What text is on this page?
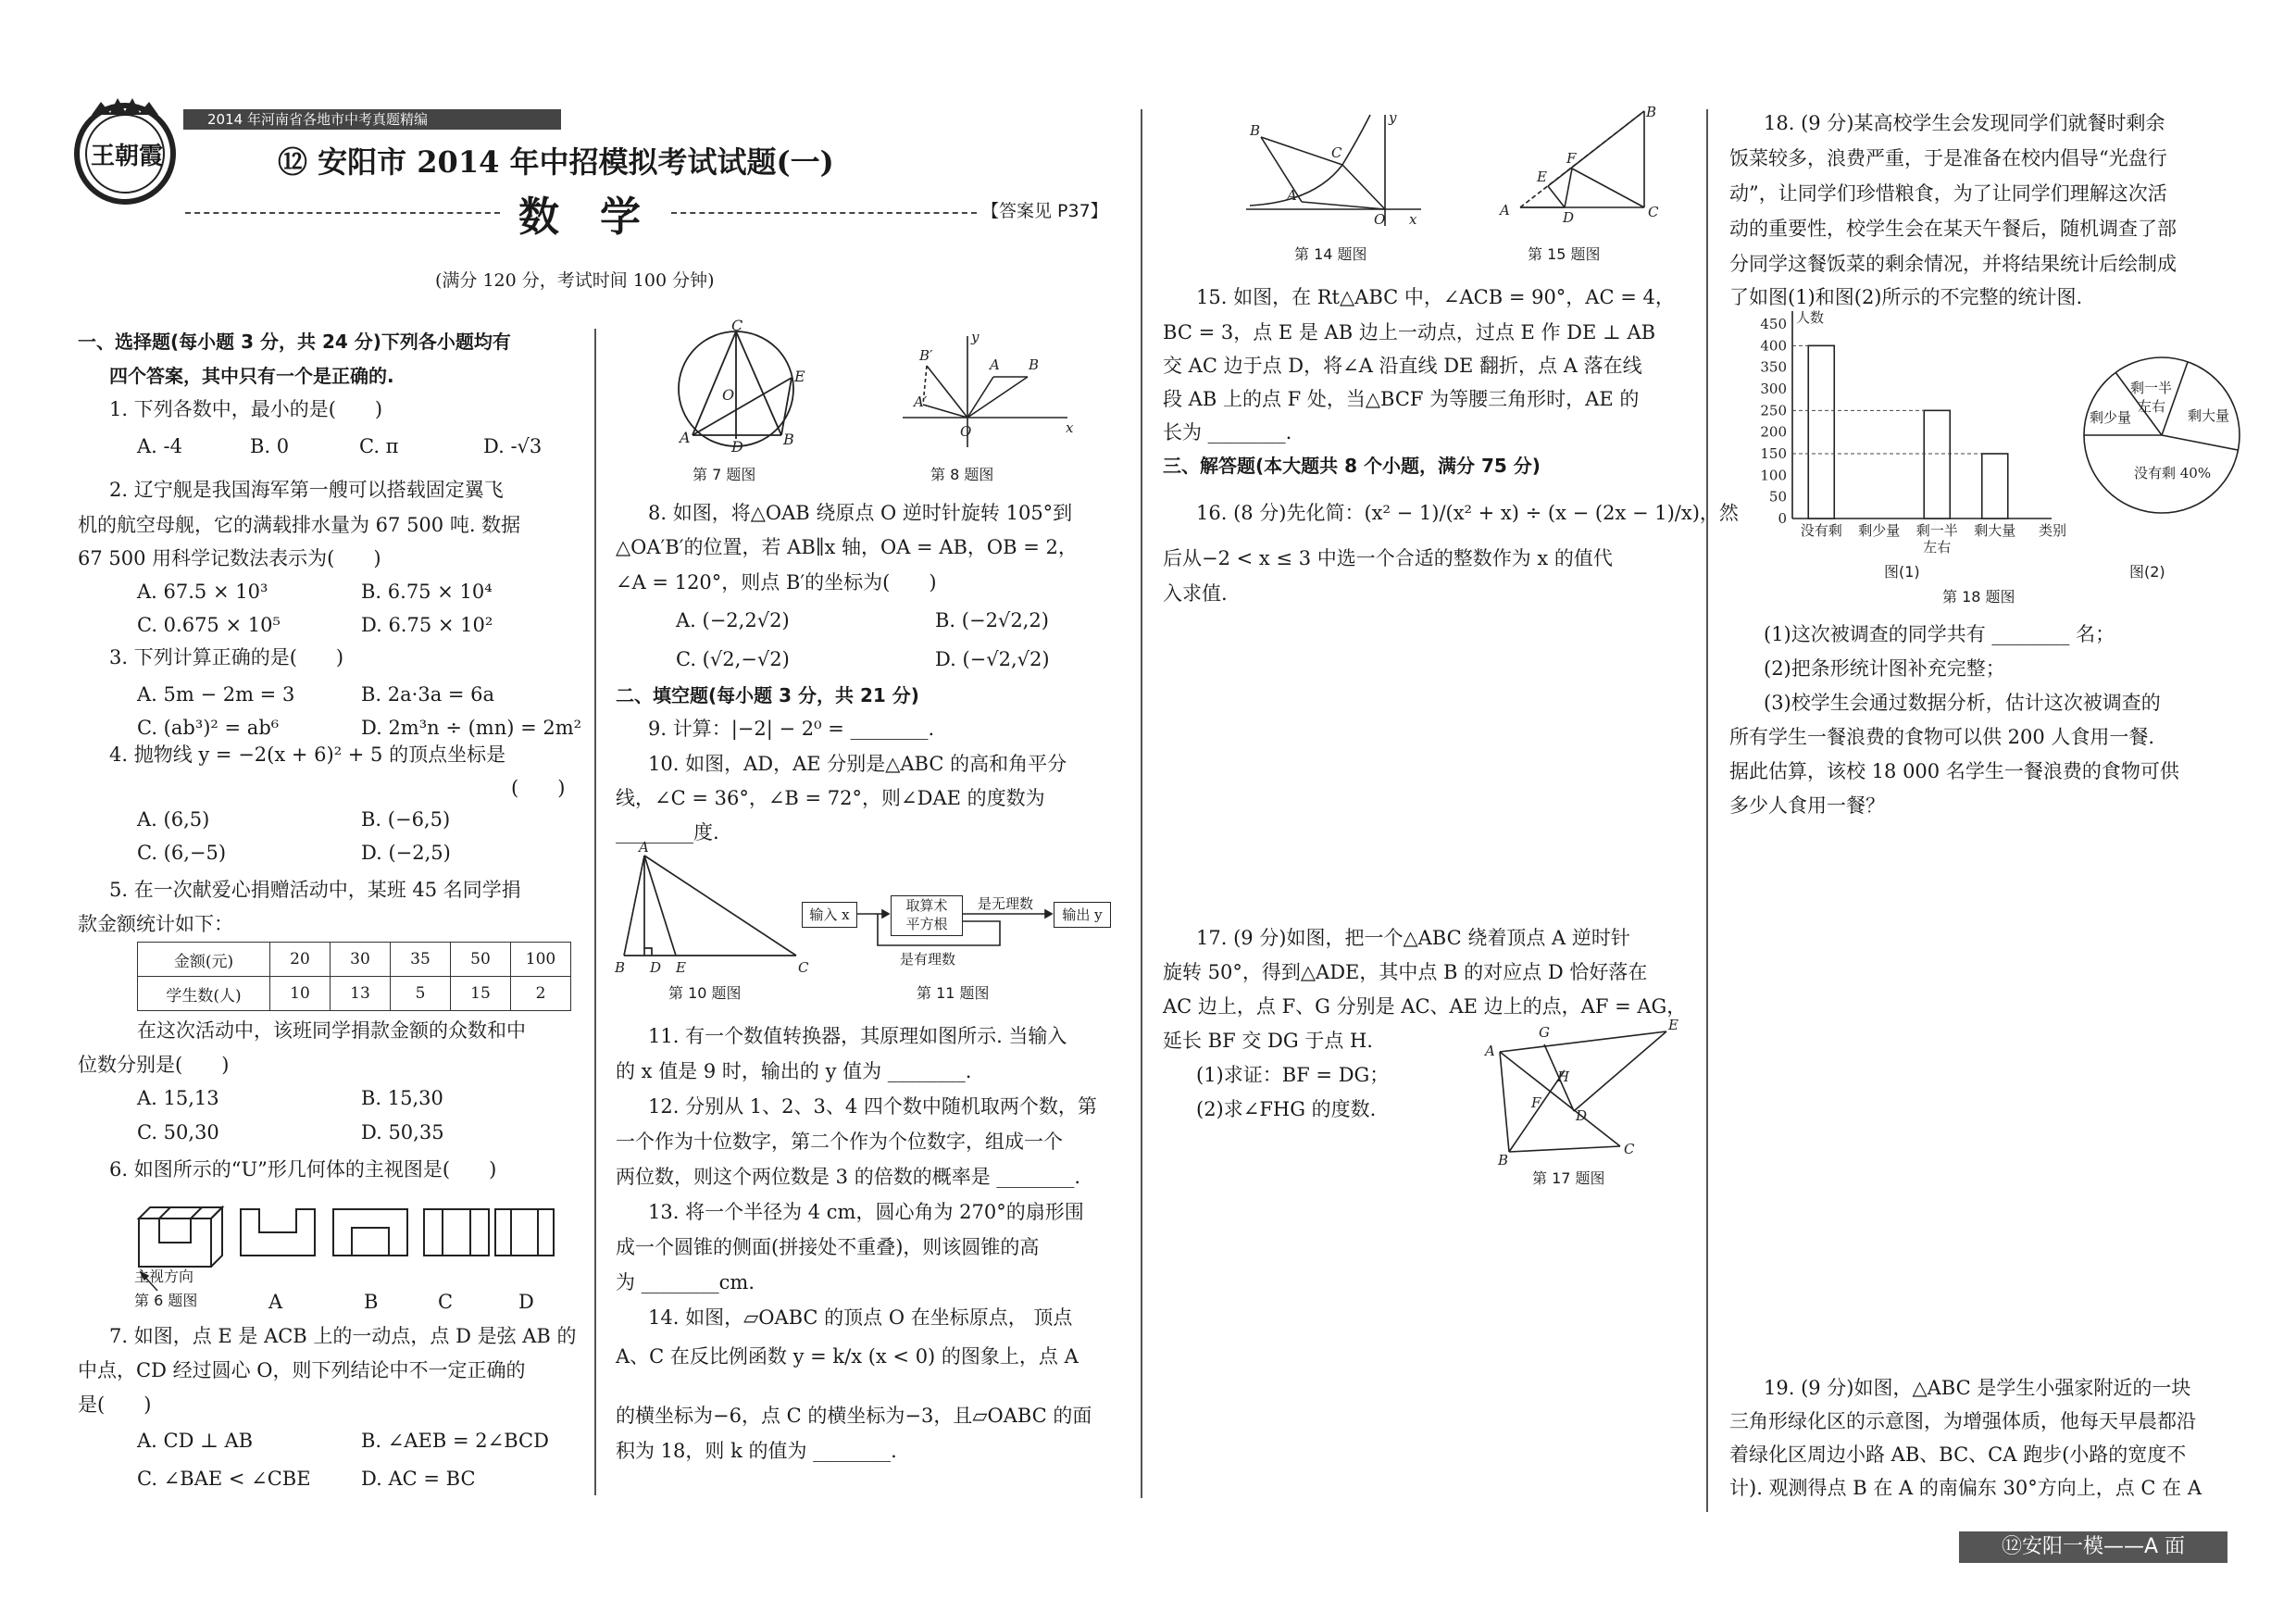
王朝霞
2014 年河南省各地市中考真题精编
⑫ 安阳市 2014 年中招模拟考试试题(一)
数　学	【答案见 P37】
(满分 120 分，考试时间 100 分钟)
一、选择题(每小题 3 分，共 24 分)下列各小题均有
四个答案，其中只有一个是正确的.
1. 下列各数中，最小的是(　　)
A. -4	B. 0	C. π	D. -√3
2. 辽宁舰是我国海军第一艘可以搭载固定翼飞
机的航空母舰，它的满载排水量为 67 500 吨. 数据
67 500 用科学记数法表示为(　　)
A. 67.5 × 10³	B. 6.75 × 10⁴
C. 0.675 × 10⁵	D. 6.75 × 10²
3. 下列计算正确的是(　　)
A. 5m − 2m = 3	B. 2a·3a = 6a
C. (ab³)² = ab⁶	D. 2m³n ÷ (mn) = 2m²
4. 抛物线 y = −2(x + 6)² + 5 的顶点坐标是
(　　)
A. (6,5)	B. (−6,5)
C. (6,−5)	D. (−2,5)
5. 在一次献爱心捐赠活动中，某班 45 名同学捐
款金额统计如下：
金额(元)	20	30	35	50	100
学生数(人)	10	13	5	15	2
在这次活动中，该班同学捐款金额的众数和中
位数分别是(　　)
A. 15,13	B. 15,30
C. 50,30	D. 50,35
6. 如图所示的“U”形几何体的主视图是(　　)
主视方向
第 6 题图	A	B	C	D
7. 如图，点 E 是 ACB 上的一动点，点 D 是弦 AB 的
中点，CD 经过圆心 O，则下列结论中不一定正确的
是(　　)
A. CD ⊥ AB	B. ∠AEB = 2∠BCD
C. ∠BAE < ∠CBE	D. AC = BC
C
O
E
A
D	B
第 7 题图
B′
A′
A B
O	x
y
第 8 题图
8. 如图，将△OAB 绕原点 O 逆时针旋转 105°到
△OA′B′的位置，若 AB∥x 轴，OA = AB，OB = 2，
∠A = 120°，则点 B′的坐标为(　　)
A. (−2,2√2)	B. (−2√2,2)
C. (√2,−√2)	D. (−√2,√2)
二、填空题(每小题 3 分，共 21 分)
9. 计算：|−2| − 2⁰ = ________.
10. 如图，AD，AE 分别是△ABC 的高和角平分
线，∠C = 36°，∠B = 72°，则∠DAE 的度数为
________度.
A
B D E	C
第 10 题图
输入 x
取算术
平方根
是无理数
输出 y
是有理数
第 11 题图
11. 有一个数值转换器，其原理如图所示. 当输入
的 x 值是 9 时，输出的 y 值为 ________.
12. 分别从 1、2、3、4 四个数中随机取两个数，第
一个作为十位数字，第二个作为个位数字，组成一个
两位数，则这个两位数是 3 的倍数的概率是 ________.
13. 将一个半径为 4 cm，圆心角为 270°的扇形围
成一个圆锥的侧面(拼接处不重叠)，则该圆锥的高
为 ________cm.
14. 如图，▱OABC 的顶点 O 在坐标原点， 顶点
A、C 在反比例函数 y = k/x (x < 0) 的图象上，点 A
的横坐标为−6，点 C 的横坐标为−3，且▱OABC 的面
积为 18，则 k 的值为 ________.
B
C
A
O x
y
第 14 题图
B
F
E
A	D	C
第 15 题图
15. 如图，在 Rt△ABC 中，∠ACB = 90°，AC = 4，
BC = 3，点 E 是 AB 边上一动点，过点 E 作 DE ⊥ AB
交 AC 边于点 D，将∠A 沿直线 DE 翻折，点 A 落在线
段 AB 上的点 F 处，当△BCF 为等腰三角形时，AE 的
长为 ________.
三、解答题(本大题共 8 个小题，满分 75 分)
16. (8 分)先化简：(x² − 1)/(x² + x) ÷ (x − (2x − 1)/x)，然
后从−2 < x ≤ 3 中选一个合适的整数作为 x 的值代
入求值.
17. (9 分)如图，把一个△ABC 绕着顶点 A 逆时针
旋转 50°，得到△ADE，其中点 B 的对应点 D 恰好落在
AC 边上，点 F、G 分别是 AC、AE 边上的点，AF = AG，
延长 BF 交 DG 于点 H.
(1)求证：BF = DG；
(2)求∠FHG 的度数.
E
G
H
A
F
D
B
C
第 17 题图
18. (9 分)某高校学生会发现同学们就餐时剩余
饭菜较多，浪费严重，于是准备在校内倡导“光盘行
动”，让同学们珍惜粮食，为了让同学们理解这次活
动的重要性，校学生会在某天午餐后，随机调查了部
分同学这餐饭菜的剩余情况，并将结果统计后绘制成
了如图(1)和图(2)所示的不完整的统计图.
人数
类别
0
50
100
150
200
250
300
350
400
450
没有剩 剩少量 剩一半
左右
剩大量
图(1)
剩一半
左右
剩少量	剩大量
没有剩 40%
图(2)
第 18 题图
(1)这次被调查的同学共有 ________ 名；
(2)把条形统计图补充完整；
(3)校学生会通过数据分析，估计这次被调查的
所有学生一餐浪费的食物可以供 200 人食用一餐.
据此估算，该校 18 000 名学生一餐浪费的食物可供
多少人食用一餐？
19. (9 分)如图，△ABC 是学生小强家附近的一块
三角形绿化区的示意图，为增强体质，他每天早晨都沿
着绿化区周边小路 AB、BC、CA 跑步(小路的宽度不
计). 观测得点 B 在 A 的南偏东 30°方向上，点 C 在 A
⑫安阳一模——A 面
